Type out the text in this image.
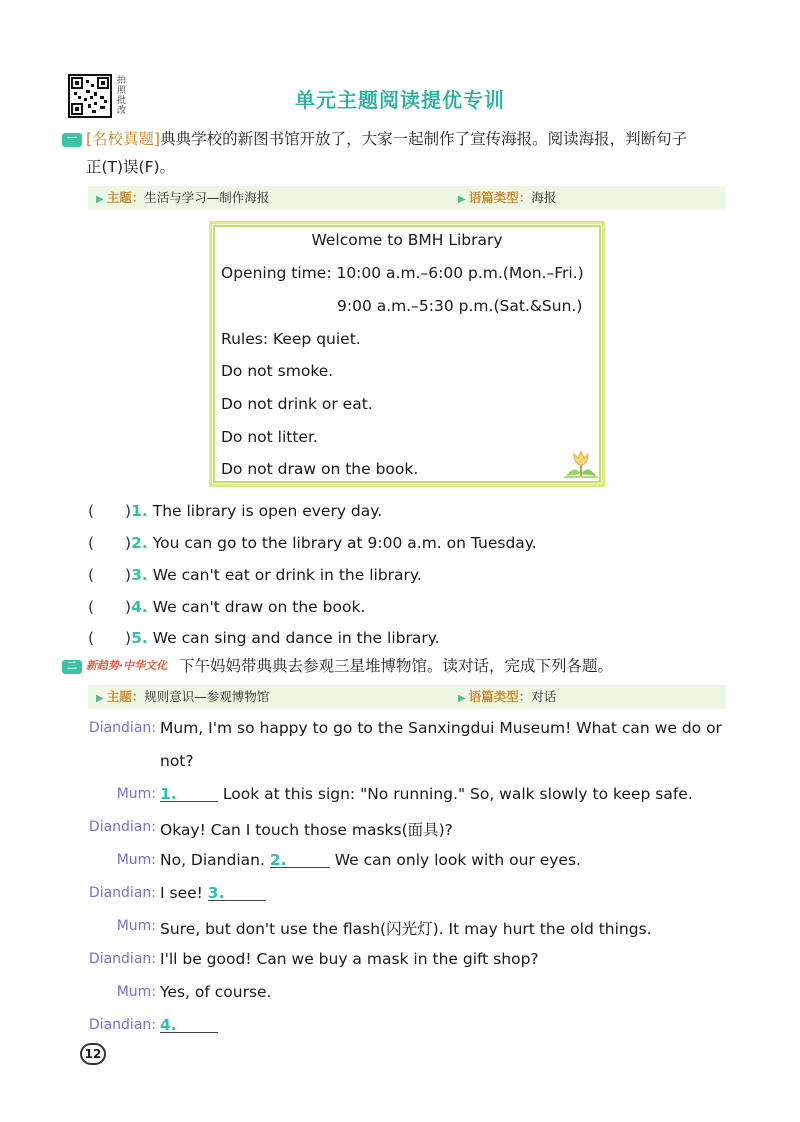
拍照批改	单元主题阅读提优专训
一 [名校真题]典典学校的新图书馆开放了，大家一起制作了宣传海报。阅读海报，判断句子
正(T)误(F)。
▶ 主题：生活与学习—制作海报	▶ 语篇类型：海报
Welcome to BMH Library
Opening time: 10:00 a.m.–6:00 p.m.(Mon.–Fri.)
9:00 a.m.–5:30 p.m.(Sat.&Sun.)
Rules: Keep quiet.
Do not smoke.
Do not drink or eat.
Do not litter.
Do not draw on the book.
(　　)1. The library is open every day.
(　　)2. You can go to the library at 9:00 a.m. on Tuesday.
(　　)3. We can't eat or drink in the library.
(　　)4. We can't draw on the book.
(　　)5. We can sing and dance in the library.
二 新趋势·中华文化 下午妈妈带典典去参观三星堆博物馆。读对话，完成下列各题。
▶ 主题：规则意识—参观博物馆	▶ 语篇类型：对话
Diandian: Mum, I'm so happy to go to the Sanxingdui Museum! What can we do or
not?
Mum: 1.	Look at this sign: "No running." So, walk slowly to keep safe.
Diandian: Okay! Can I touch those masks(面具)?
Mum: No, Diandian. 2.	We can only look with our eyes.
Diandian: I see! 3.
Mum: Sure, but don't use the flash(闪光灯). It may hurt the old things.
Diandian: I'll be good! Can we buy a mask in the gift shop?
Mum: Yes, of course.
Diandian: 4.
12
